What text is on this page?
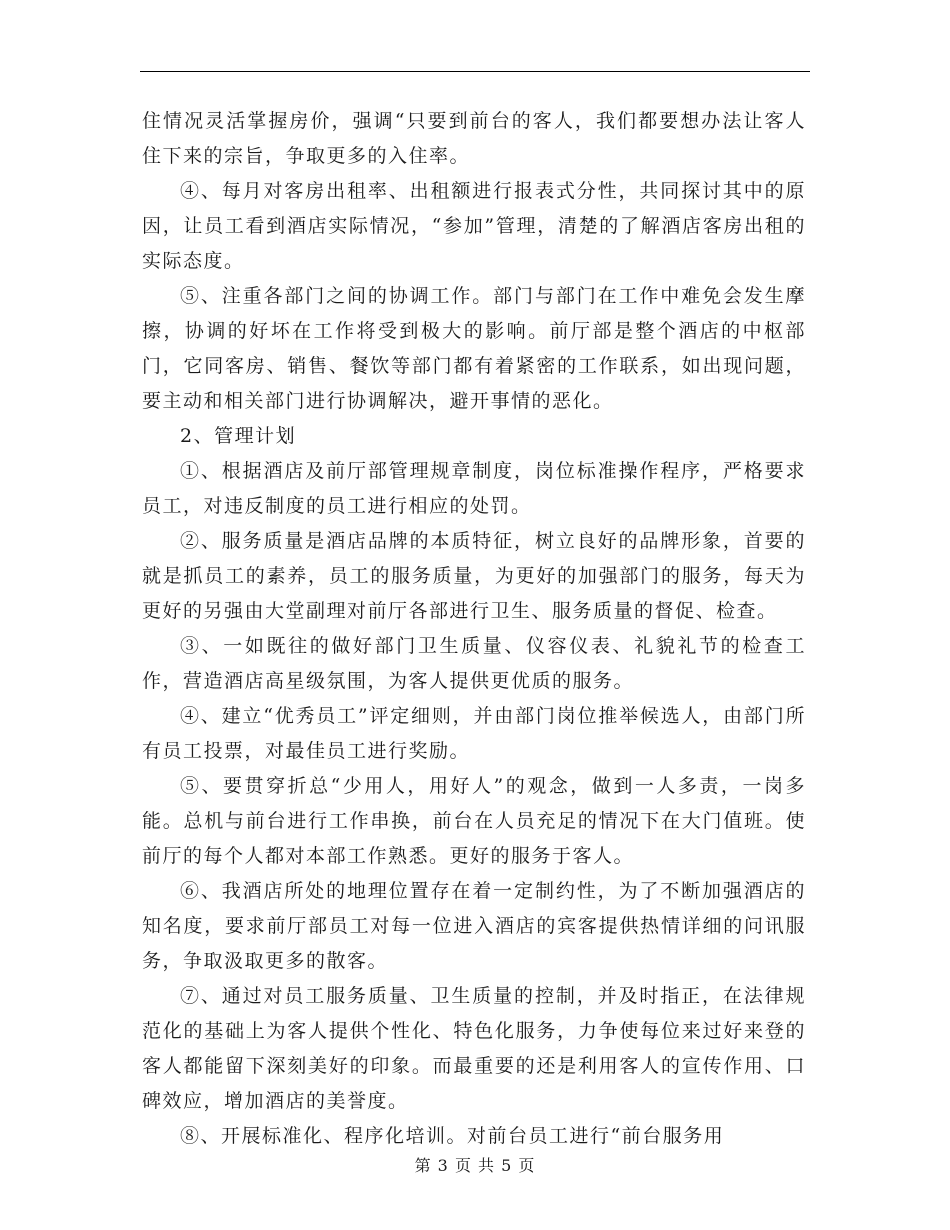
住情况灵活掌握房价，强调“只要到前台的客人，我们都要想办法让客人住下来的宗旨，争取更多的入住率。

④、每月对客房出租率、出租额进行报表式分性，共同探讨其中的原因，让员工看到酒店实际情况，“参加”管理，清楚的了解酒店客房出租的实际态度。

⑤、注重各部门之间的协调工作。部门与部门在工作中难免会发生摩擦，协调的好坏在工作将受到极大的影响。前厅部是整个酒店的中枢部门，它同客房、销售、餐饮等部门都有着紧密的工作联系，如出现问题，要主动和相关部门进行协调解决，避开事情的恶化。

2、管理计划

①、根据酒店及前厅部管理规章制度，岗位标准操作程序，严格要求员工，对违反制度的员工进行相应的处罚。

②、服务质量是酒店品牌的本质特征，树立良好的品牌形象，首要的就是抓员工的素养，员工的服务质量，为更好的加强部门的服务，每天为更好的另强由大堂副理对前厅各部进行卫生、服务质量的督促、检查。

③、一如既往的做好部门卫生质量、仪容仪表、礼貌礼节的检查工作，营造酒店高星级氛围，为客人提供更优质的服务。

④、建立“优秀员工”评定细则，并由部门岗位推举候选人，由部门所有员工投票，对最佳员工进行奖励。

⑤、要贯穿折总“少用人，用好人”的观念，做到一人多责，一岗多能。总机与前台进行工作串换，前台在人员充足的情况下在大门值班。使前厅的每个人都对本部工作熟悉。更好的服务于客人。

⑥、我酒店所处的地理位置存在着一定制约性，为了不断加强酒店的知名度，要求前厅部员工对每一位进入酒店的宾客提供热情详细的问讯服务，争取汲取更多的散客。

⑦、通过对员工服务质量、卫生质量的控制，并及时指正，在法律规范化的基础上为客人提供个性化、特色化服务，力争使每位来过好来登的客人都能留下深刻美好的印象。而最重要的还是利用客人的宣传作用、口碑效应，增加酒店的美誉度。

⑧、开展标准化、程序化培训。对前台员工进行“前台服务用

第 3 页 共 5 页
